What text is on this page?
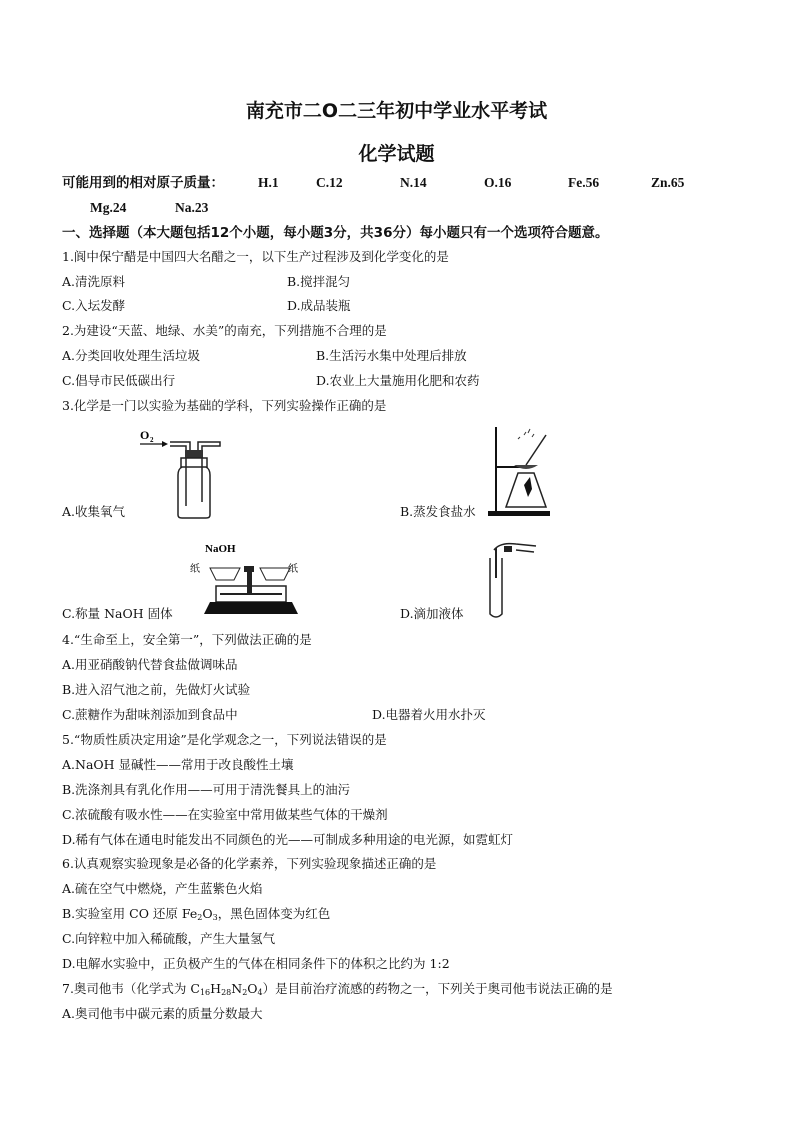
南充市二O二三年初中学业水平考试
化学试题
可能用到的相对原子质量：	H.1	C.12	N.14	O.16	Fe.56	Zn.65
Mg.24	Na.23
一、选择题（本大题包括12个小题，每小题3分，共36分）每小题只有一个选项符合题意。
1.阆中保宁醋是中国四大名醋之一，以下生产过程涉及到化学变化的是
A.清洗原料	B.搅拌混匀
C.入坛发酵	D.成品装瓶
2.为建设“天蓝、地绿、水美”的南充，下列措施不合理的是
A.分类回收处理生活垃圾	B.生活污水集中处理后排放
C.倡导市民低碳出行	D.农业上大量施用化肥和农药
3.化学是一门以实验为基础的学科，下列实验操作正确的是
O 2
A.收集氧气	B.蒸发食盐水
NaOH
纸	纸
C.称量 NaOH 固体	D.滴加液体
4.“生命至上，安全第一”，下列做法正确的是
A.用亚硝酸钠代替食盐做调味品
B.进入沼气池之前，先做灯火试验
C.蔗糖作为甜味剂添加到食品中	D.电器着火用水扑灭
5.“物质性质决定用途”是化学观念之一，下列说法错误的是
A.NaOH 显碱性——常用于改良酸性土壤
B.洗涤剂具有乳化作用——可用于清洗餐具上的油污
C.浓硫酸有吸水性——在实验室中常用做某些气体的干燥剂
D.稀有气体在通电时能发出不同颜色的光——可制成多种用途的电光源，如霓虹灯
6.认真观察实验现象是必备的化学素养，下列实验现象描述正确的是
A.硫在空气中燃烧，产生蓝紫色火焰
B.实验室用 CO 还原 $Fe_2O_3$，黑色固体变为红色
C.向锌粒中加入稀硫酸，产生大量氢气
D.电解水实验中，正负极产生的气体在相同条件下的体积之比约为 1:2
7.奥司他韦（化学式为 $C_{16}H_{28}N_2O_4$）是目前治疗流感的药物之一，下列关于奥司他韦说法正确的是
A.奥司他韦中碳元素的质量分数最大
